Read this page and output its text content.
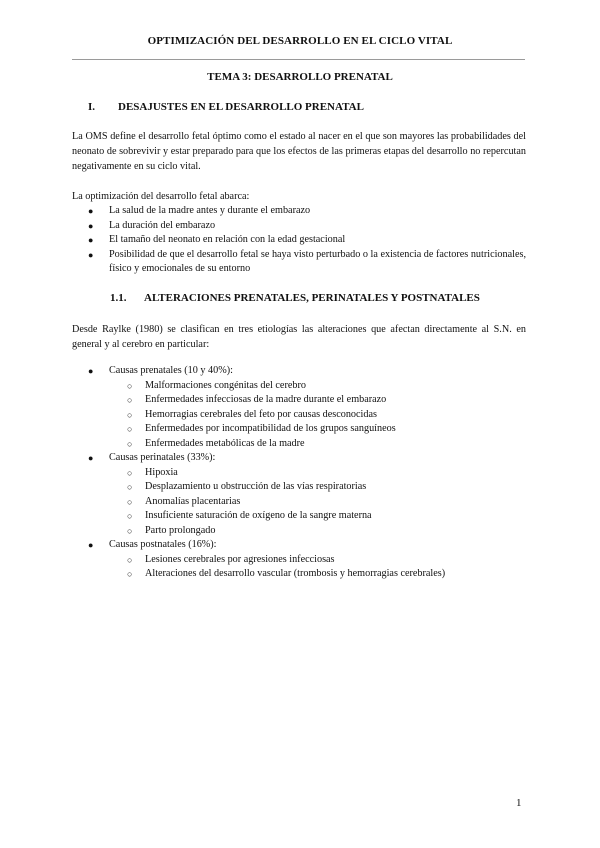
OPTIMIZACIÓN DEL DESARROLLO EN EL CICLO VITAL
TEMA 3: DESARROLLO PRENATAL
I. DESAJUSTES EN EL DESARROLLO PRENATAL
La OMS define el desarrollo fetal óptimo como el estado al nacer en el que son mayores las probabilidades del neonato de sobrevivir y estar preparado para que los efectos de las primeras etapas del desarrollo no repercutan negativamente en su ciclo vital.
La optimización del desarrollo fetal abarca:
● La salud de la madre antes y durante el embarazo
● La duración del embarazo
● El tamaño del neonato en relación con la edad gestacional
● Posibilidad de que el desarrollo fetal se haya visto perturbado o la existencia de factores nutricionales, físico y emocionales de su entorno
1.1. ALTERACIONES PRENATALES, PERINATALES Y POSTNATALES
Desde Raylke (1980) se clasifican en tres etiologías las alteraciones que afectan directamente al S.N. en general y al cerebro en particular:
● Causas prenatales (10 y 40%):
○ Malformaciones congénitas del cerebro
○ Enfermedades infecciosas de la madre durante el embarazo
○ Hemorragias cerebrales del feto por causas desconocidas
○ Enfermedades por incompatibilidad de los grupos sanguíneos
○ Enfermedades metabólicas de la madre
● Causas perinatales (33%):
○ Hipoxia
○ Desplazamiento u obstrucción de las vías respiratorias
○ Anomalías placentarias
○ Insuficiente saturación de oxígeno de la sangre materna
○ Parto prolongado
● Causas postnatales (16%):
○ Lesiones cerebrales por agresiones infecciosas
○ Alteraciones del desarrollo vascular (trombosis y hemorragias cerebrales)
1
